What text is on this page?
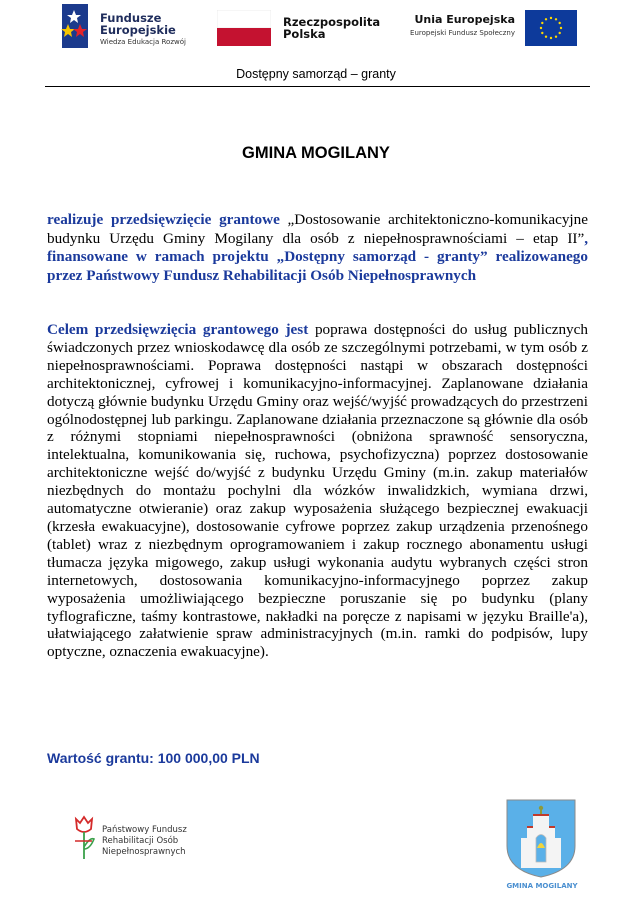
Fundusze
Europejskie
Wiedza Edukacja Rozwój
Rzeczpospolita
Polska
Unia Europejska
Europejski Fundusz Społeczny
Dostępny samorząd – granty
GMINA MOGILANY
realizuje przedsięwzięcie grantowe „Dostosowanie architektoniczno-komunikacyjne budynku Urzędu Gminy Mogilany dla osób z niepełnosprawnościami – etap II”, finansowane w ramach projektu „Dostępny samorząd - granty” realizowanego przez Państwowy Fundusz Rehabilitacji Osób Niepełnosprawnych
Celem przedsięwzięcia grantowego jest poprawa dostępności do usług publicznych świadczonych przez wnioskodawcę dla osób ze szczególnymi potrzebami, w tym osób z niepełnosprawnościami. Poprawa dostępności nastąpi w obszarach dostępności architektonicznej, cyfrowej i komunikacyjno-informacyjnej. Zaplanowane działania dotyczą głównie budynku Urzędu Gminy oraz wejść/wyjść prowadzących do przestrzeni ogólnodostępnej lub parkingu. Zaplanowane działania przeznaczone są głównie dla osób z różnymi stopniami niepełnosprawności (obniżona sprawność sensoryczna, intelektualna, komunikowania się, ruchowa, psychofizyczna) poprzez dostosowanie architektoniczne wejść do/wyjść z budynku Urzędu Gminy (m.in. zakup materiałów niezbędnych do montażu pochylni dla wózków inwalidzkich, wymiana drzwi, automatyczne otwieranie) oraz zakup wyposażenia służącego bezpiecznej ewakuacji (krzesła ewakuacyjne), dostosowanie cyfrowe poprzez zakup urządzenia przenośnego (tablet) wraz z niezbędnym oprogramowaniem i zakup rocznego abonamentu usługi tłumacza języka migowego, zakup usługi wykonania audytu wybranych części stron internetowych, dostosowania komunikacyjno-informacyjnego poprzez zakup wyposażenia umożliwiającego bezpieczne poruszanie się po budynku (plany tyflograficzne, taśmy kontrastowe, nakładki na poręcze z napisami w języku Braille'a), ułatwiającego załatwienie spraw administracyjnych (m.in. ramki do podpisów, lupy optyczne, oznaczenia ewakuacyjne).
Wartość grantu: 100 000,00 PLN
Państwowy Fundusz
Rehabilitacji Osób
Niepełnosprawnych
GMINA MOGILANY
